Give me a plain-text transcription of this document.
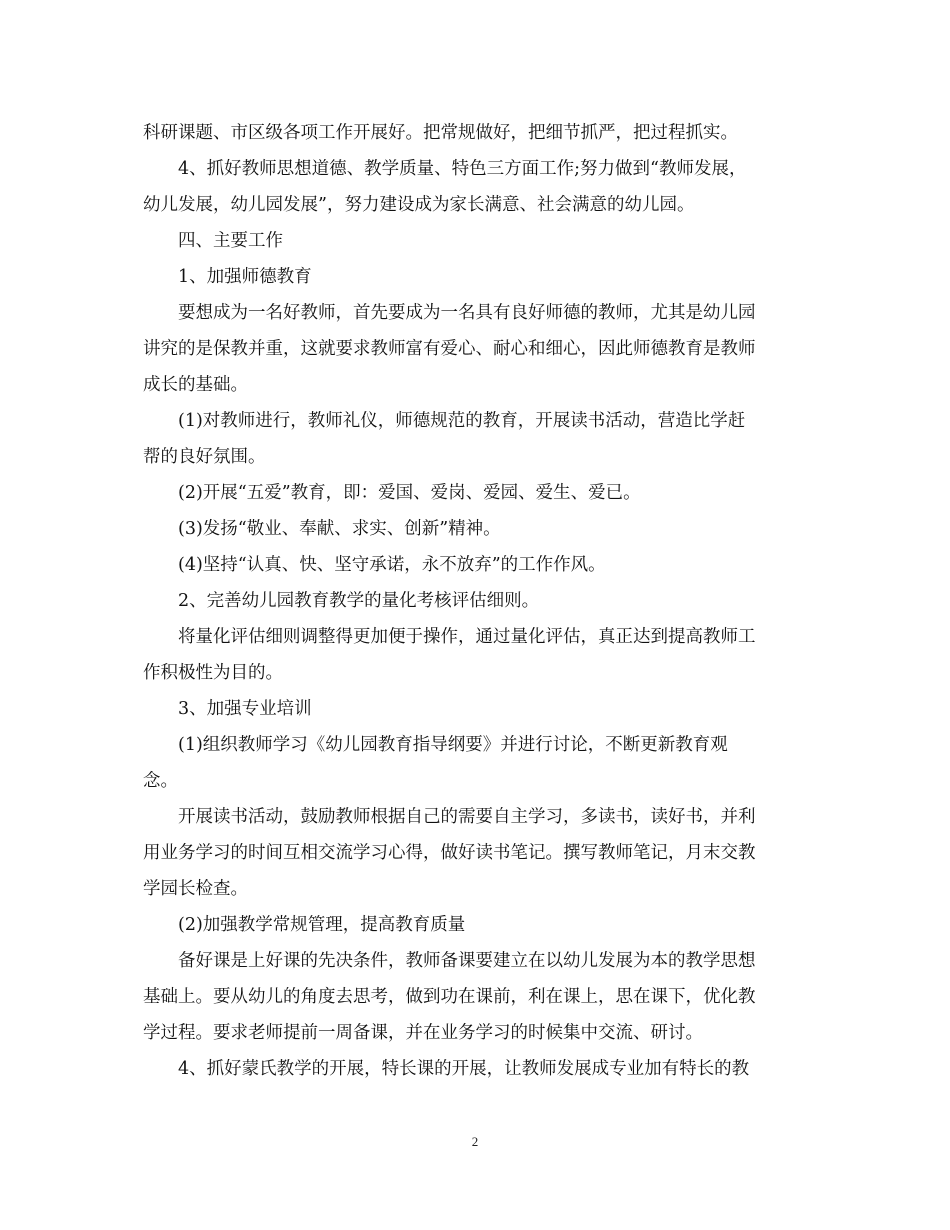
科研课题、市区级各项工作开展好。把常规做好，把细节抓严，把过程抓实。
4、抓好教师思想道德、教学质量、特色三方面工作;努力做到“教师发展，
幼儿发展，幼儿园发展”，努力建设成为家长满意、社会满意的幼儿园。
四、主要工作
1、加强师德教育
要想成为一名好教师，首先要成为一名具有良好师德的教师，尤其是幼儿园
讲究的是保教并重，这就要求教师富有爱心、耐心和细心，因此师德教育是教师
成长的基础。
(1)对教师进行，教师礼仪，师德规范的教育，开展读书活动，营造比学赶
帮的良好氛围。
(2)开展“五爱”教育，即：爱国、爱岗、爱园、爱生、爱已。
(3)发扬“敬业、奉献、求实、创新”精神。
(4)坚持“认真、快、坚守承诺，永不放弃”的工作作风。
2、完善幼儿园教育教学的量化考核评估细则。
将量化评估细则调整得更加便于操作，通过量化评估，真正达到提高教师工
作积极性为目的。
3、加强专业培训
(1)组织教师学习《幼儿园教育指导纲要》并进行讨论，不断更新教育观
念。
开展读书活动，鼓励教师根据自己的需要自主学习，多读书，读好书，并利
用业务学习的时间互相交流学习心得，做好读书笔记。撰写教师笔记，月末交教
学园长检查。
(2)加强教学常规管理，提高教育质量
备好课是上好课的先决条件，教师备课要建立在以幼儿发展为本的教学思想
基础上。要从幼儿的角度去思考，做到功在课前，利在课上，思在课下，优化教
学过程。要求老师提前一周备课，并在业务学习的时候集中交流、研讨。
4、抓好蒙氏教学的开展，特长课的开展，让教师发展成专业加有特长的教
2
